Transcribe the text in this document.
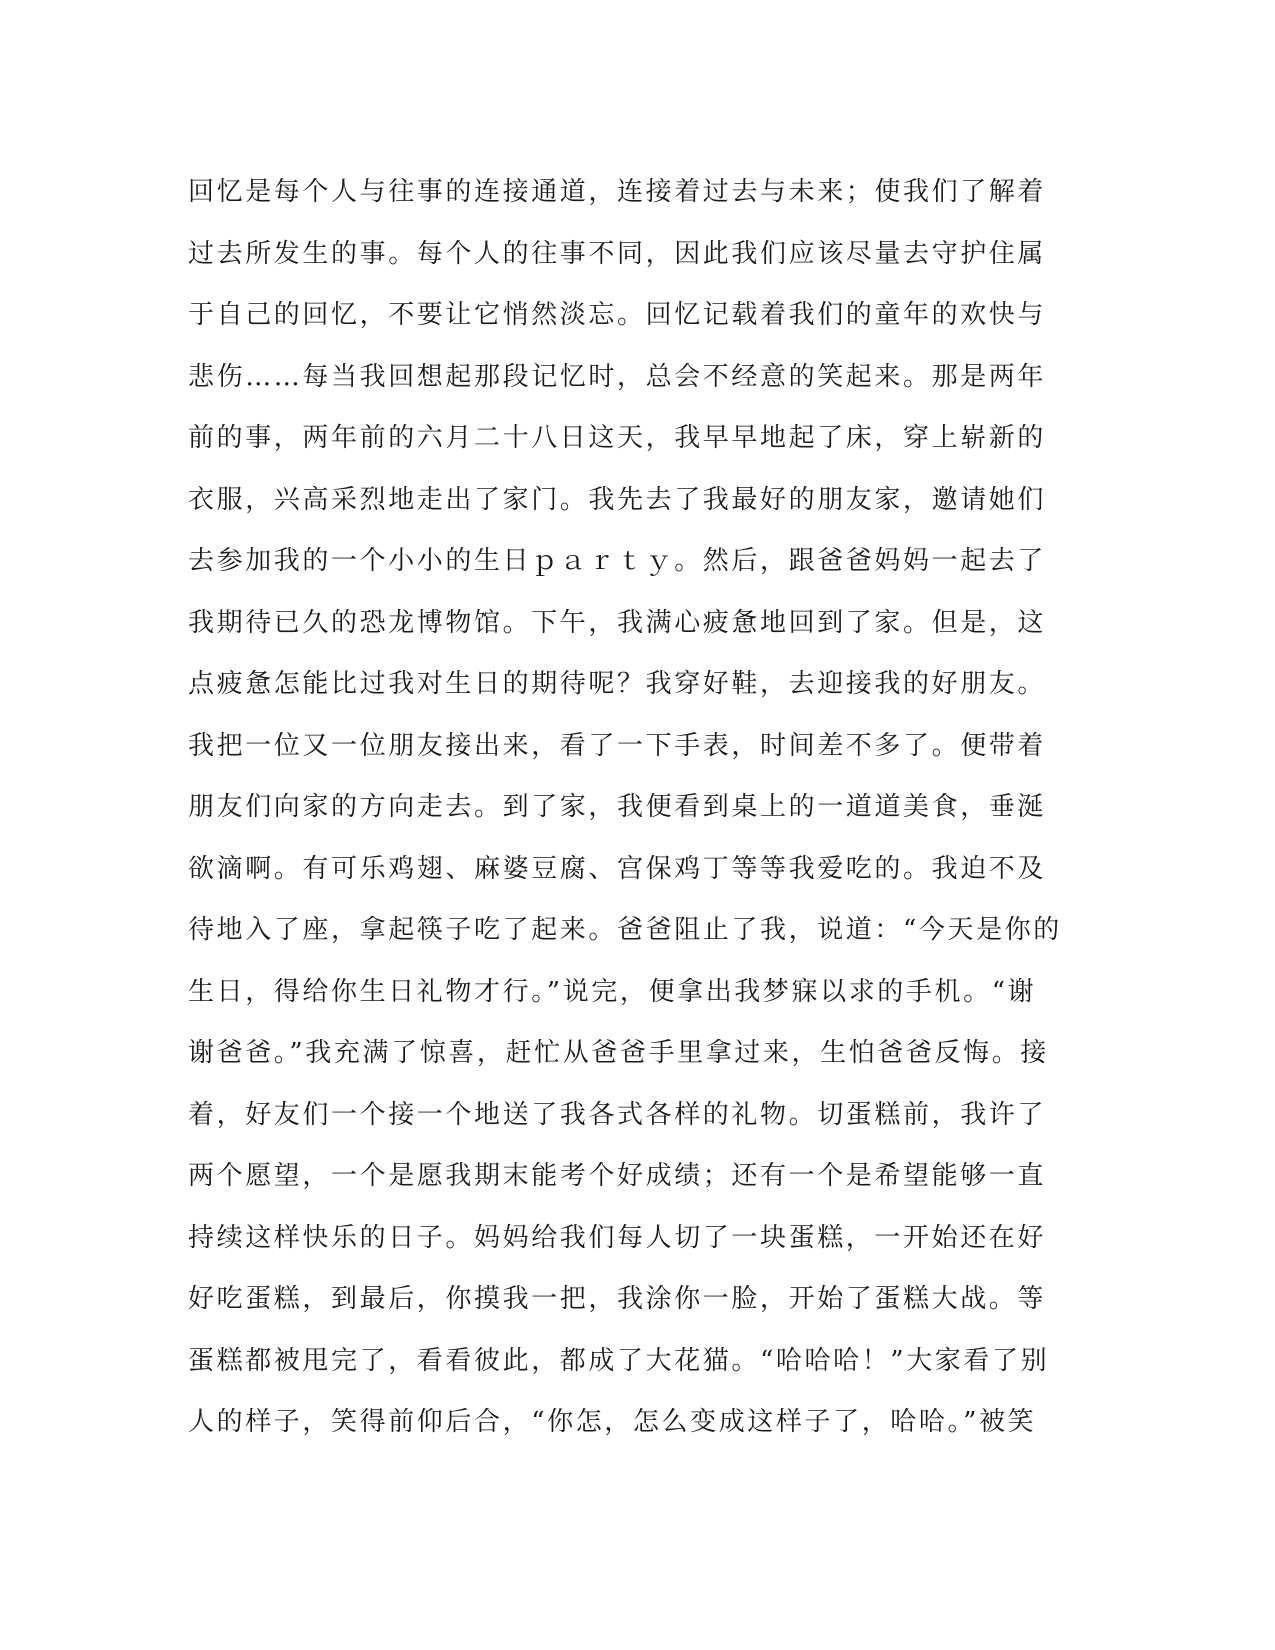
回忆是每个人与往事的连接通道，连接着过去与未来；使我们了解着
过去所发生的事。每个人的往事不同，因此我们应该尽量去守护住属
于自己的回忆，不要让它悄然淡忘。回忆记载着我们的童年的欢快与
悲伤……每当我回想起那段记忆时，总会不经意的笑起来。那是两年
前的事，两年前的六月二十八日这天，我早早地起了床，穿上崭新的
衣服，兴高采烈地走出了家门。我先去了我最好的朋友家，邀请她们
去参加我的一个小小的生日ｐａｒｔｙ。然后，跟爸爸妈妈一起去了
我期待已久的恐龙博物馆。下午，我满心疲惫地回到了家。但是，这
点疲惫怎能比过我对生日的期待呢？我穿好鞋，去迎接我的好朋友。
我把一位又一位朋友接出来，看了一下手表，时间差不多了。便带着
朋友们向家的方向走去。到了家，我便看到桌上的一道道美食，垂涎
欲滴啊。有可乐鸡翅、麻婆豆腐、宫保鸡丁等等我爱吃的。我迫不及
待地入了座，拿起筷子吃了起来。爸爸阻止了我，说道：“今天是你的
生日，得给你生日礼物才行。”说完，便拿出我梦寐以求的手机。“谢
谢爸爸。”我充满了惊喜，赶忙从爸爸手里拿过来，生怕爸爸反悔。接
着，好友们一个接一个地送了我各式各样的礼物。切蛋糕前，我许了
两个愿望，一个是愿我期末能考个好成绩；还有一个是希望能够一直
持续这样快乐的日子。妈妈给我们每人切了一块蛋糕，一开始还在好
好吃蛋糕，到最后，你摸我一把，我涂你一脸，开始了蛋糕大战。等
蛋糕都被甩完了，看看彼此，都成了大花猫。“哈哈哈！”大家看了别
人的样子，笑得前仰后合，“你怎，怎么变成这样子了，哈哈。”被笑
